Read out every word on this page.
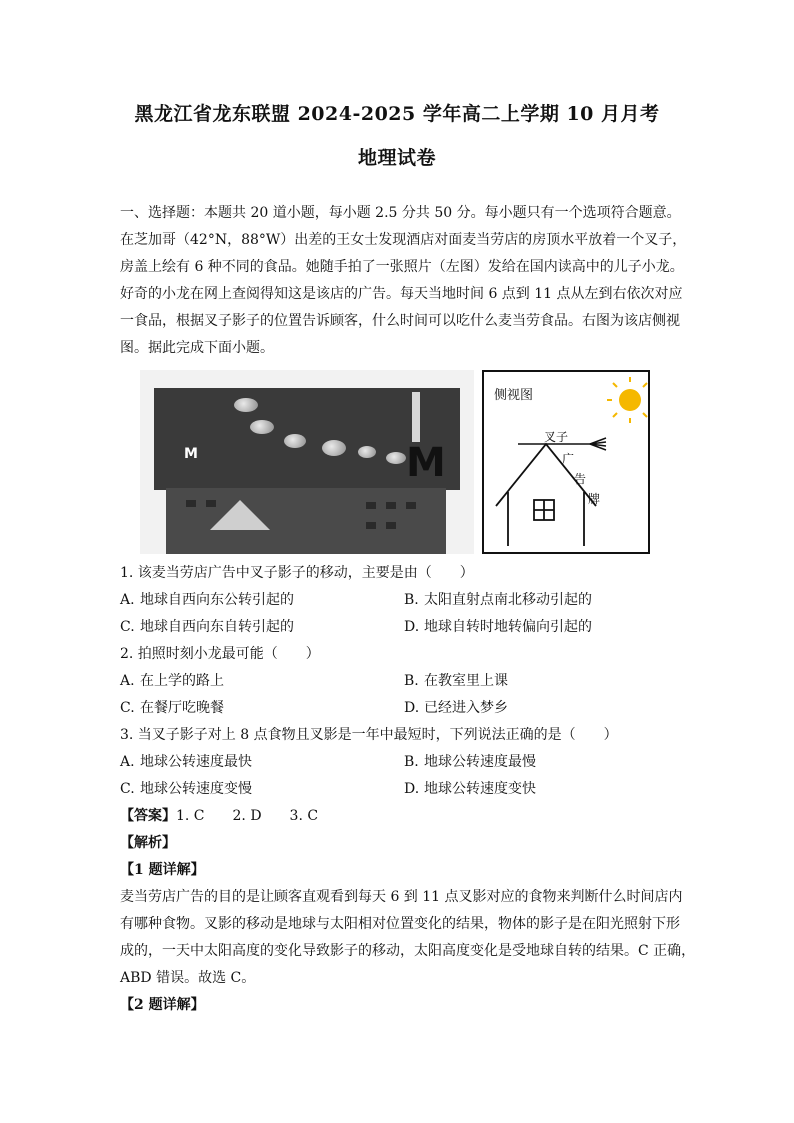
黑龙江省龙东联盟 2024-2025 学年高二上学期 10 月月考
地理试卷
一、选择题：本题共 20 道小题，每小题 2.5 分共 50 分。每小题只有一个选项符合题意。
在芝加哥（42°N，88°W）出差的王女士发现酒店对面麦当劳店的房顶水平放着一个叉子，
房盖上绘有 6 种不同的食品。她随手拍了一张照片（左图）发给在国内读高中的儿子小龙。
好奇的小龙在网上查阅得知这是该店的广告。每天当地时间 6 点到 11 点从左到右依次对应
一食品，根据叉子影子的位置告诉顾客，什么时间可以吃什么麦当劳食品。右图为该店侧视
图。据此完成下面小题。
M	M
侧视图
叉子
广
告
牌
1. 该麦当劳店广告中叉子影子的移动，主要是由（　　）
A. 地球自西向东公转引起的	B. 太阳直射点南北移动引起的
C. 地球自西向东自转引起的	D. 地球自转时地转偏向引起的
2. 拍照时刻小龙最可能（　　）
A. 在上学的路上	B. 在教室里上课
C. 在餐厅吃晚餐	D. 已经进入梦乡
3. 当叉子影子对上 8 点食物且叉影是一年中最短时，下列说法正确的是（　　）
A. 地球公转速度最快	B. 地球公转速度最慢
C. 地球公转速度变慢	D. 地球公转速度变快
【答案】1. C　　2. D　　3. C
【解析】
【1 题详解】
麦当劳店广告的目的是让顾客直观看到每天 6 到 11 点叉影对应的食物来判断什么时间店内
有哪种食物。叉影的移动是地球与太阳相对位置变化的结果，物体的影子是在阳光照射下形
成的，一天中太阳高度的变化导致影子的移动，太阳高度变化是受地球自转的结果。C 正确，
ABD 错误。故选 C。
【2 题详解】
